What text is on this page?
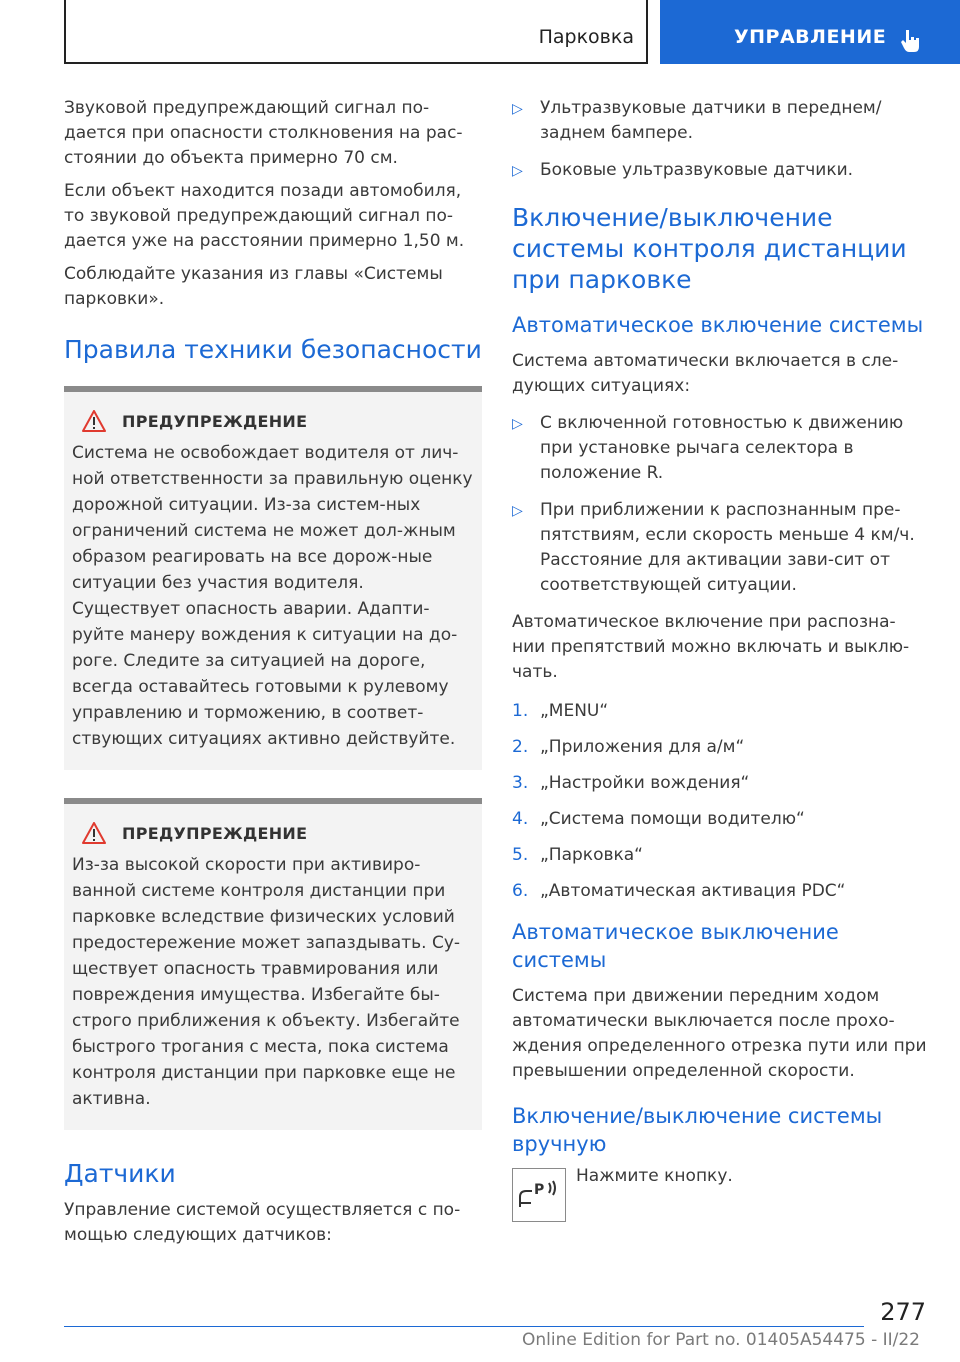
Парковка	УПРАВЛЕНИЕ

Звуковой предупреждающий сигнал по-дается при опасности столкновения на рас-стоянии до объекта примерно 70 см.

Если объект находится позади автомобиля, то звуковой предупреждающий сигнал по-дается уже на расстоянии примерно 1,50 м.

Соблюдайте указания из главы «Системы парковки».

Правила техники безопасности
ПРЕДУПРЕЖДЕНИЕ

Система не освобождает водителя от лич-ной ответственности за правильную оценку дорожной ситуации. Из-за систем-ных ограничений система не может дол-жным образом реагировать на все дорож-ные ситуации без участия водителя. Существует опасность аварии. Адапти-руйте манеру вождения к ситуации на до-роге. Следите за ситуацией на дороге, всегда оставайтесь готовыми к рулевому управлению и торможению, в соответ-ствующих ситуациях активно действуйте.

ПРЕДУПРЕЖДЕНИЕ

Из-за высокой скорости при активиро-ванной системе контроля дистанции при парковке вследствие физических условий предостережение может запаздывать. Су-ществует опасность травмирования или повреждения имущества. Избегайте бы-строго приближения к объекту. Избегайте быстрого трогания с места, пока система контроля дистанции при парковке еще не активна.

Датчики

Управление системой осуществляется с по-мощью следующих датчиков:

▷	Ультразвуковые датчики в переднем/заднем бампере.
▷	Боковые ультразвуковые датчики.
Включение/выключение системы контроля дистанции при парковке
Автоматическое включение системы

Система автоматически включается в сле-дующих ситуациях:

▷	С включенной готовностью к движению при установке рычага селектора в положение R.
▷	При приближении к распознанным пре-пятствиям, если скорость меньше 4 км/ч. Расстояние для активации зави-сит от соответствующей ситуации.

Автоматическое включение при распозна-нии препятствий можно включать и выклю-чать.

1. „MENU“
2. „Приложения для а/м“
3. „Настройки вождения“
4. „Система помощи водителю“
5. „Парковка“
6. „Автоматическая активация PDC“
Автоматическое выключение системы

Система при движении передним ходом автоматически выключается после прохо-ждения определенного отрезка пути или при превышении определенной скорости.

Включение/выключение системы вручную
P

Нажмите кнопку.

277
Online Edition for Part no. 01405A54475 - II/22
